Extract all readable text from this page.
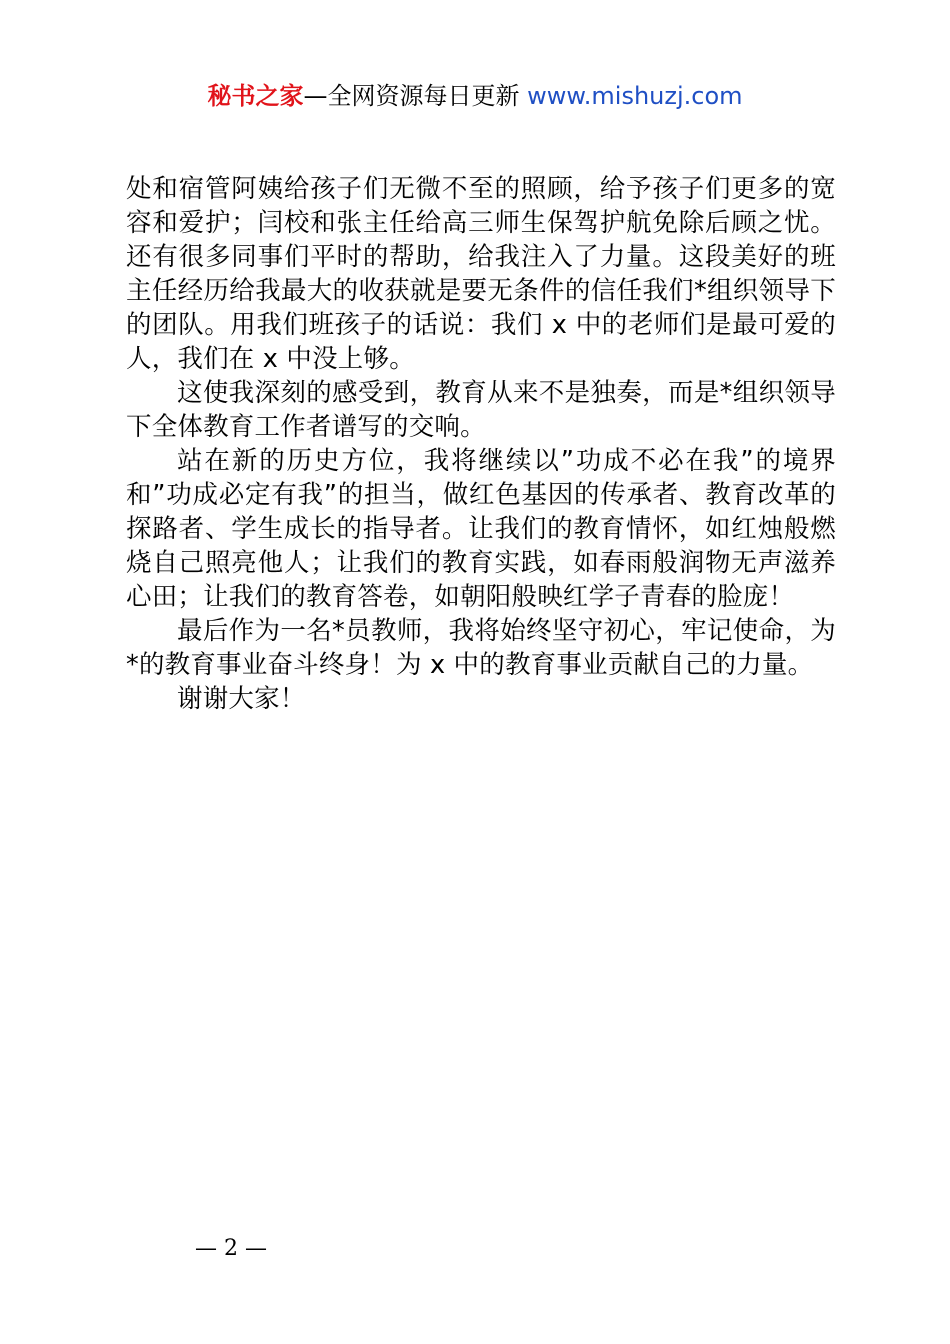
秘书之家—全网资源每日更新 www.mishuzj.com

处和宿管阿姨给孩子们无微不至的照顾，给予孩子们更多的宽容和爱护；闫校和张主任给高三师生保驾护航免除后顾之忧。还有很多同事们平时的帮助，给我注入了力量。这段美好的班主任经历给我最大的收获就是要无条件的信任我们*组织领导下的团队。用我们班孩子的话说：我们 x 中的老师们是最可爱的人，我们在 x 中没上够。

这使我深刻的感受到，教育从来不是独奏，而是*组织领导下全体教育工作者谱写的交响。

站在新的历史方位，我将继续以”功成不必在我”的境界和”功成必定有我”的担当，做红色基因的传承者、教育改革的探路者、学生成长的指导者。让我们的教育情怀，如红烛般燃烧自己照亮他人；让我们的教育实践，如春雨般润物无声滋养心田；让我们的教育答卷，如朝阳般映红学子青春的脸庞！

最后作为一名*员教师，我将始终坚守初心，牢记使命，为*的教育事业奋斗终身！为 x 中的教育事业贡献自己的力量。

谢谢大家！

— 2 —
